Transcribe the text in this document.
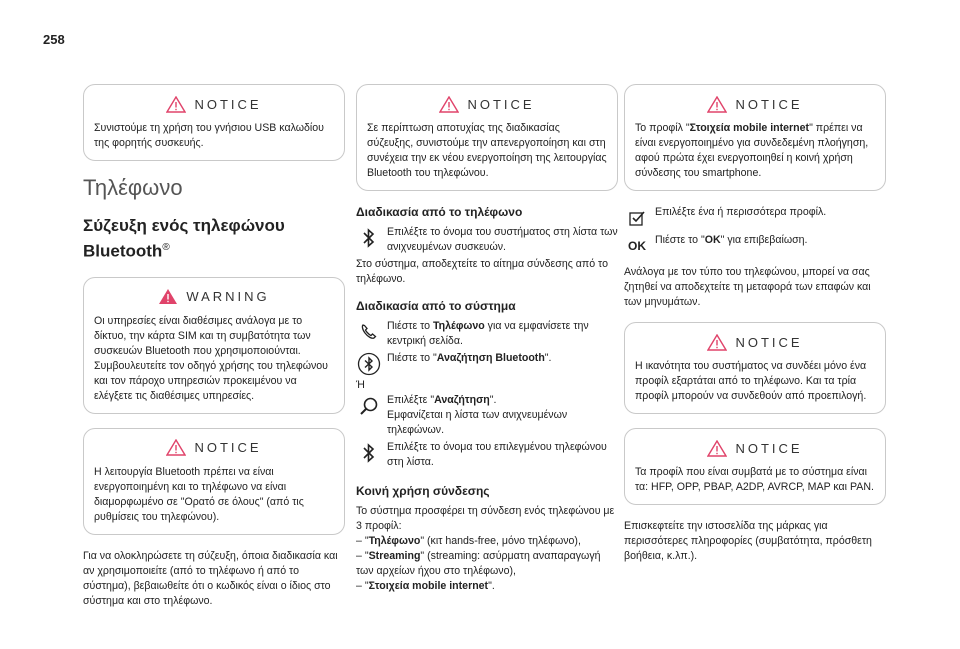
258
NOTICE
Συνιστούμε τη χρήση του γνήσιου USB καλωδίου της φορητής συσκευής.
Τηλέφωνο
Σύζευξη ενός τηλεφώνου Bluetooth®
WARNING
Οι υπηρεσίες είναι διαθέσιμες ανάλογα με το δίκτυο, την κάρτα SIM και τη συμβατότητα των συσκευών Bluetooth που χρησιμοποιούνται. Συμβουλευτείτε τον οδηγό χρήσης του τηλεφώνου και τον πάροχο υπηρεσιών προκειμένου να ελέγξετε τις διαθέσιμες υπηρεσίες.
NOTICE
Η λειτουργία Bluetooth πρέπει να είναι ενεργοποιημένη και το τηλέφωνο να είναι διαμορφωμένο σε "Ορατό σε όλους" (από τις ρυθμίσεις του τηλεφώνου).

Για να ολοκληρώσετε τη σύζευξη, όποια διαδικασία και αν χρησιμοποιείτε (από το τηλέφωνο ή από το σύστημα), βεβαιωθείτε ότι ο κωδικός είναι ο ίδιος στο σύστημα και στο τηλέφωνο.

NOTICE
Σε περίπτωση αποτυχίας της διαδικασίας σύζευξης, συνιστούμε την απενεργοποίηση και στη συνέχεια την εκ νέου ενεργοποίηση της λειτουργίας Bluetooth του τηλεφώνου.
Διαδικασία από το τηλέφωνο
Επιλέξτε το όνομα του συστήματος στη λίστα των ανιχνευμένων συσκευών.

Στο σύστημα, αποδεχτείτε το αίτημα σύνδεσης από το τηλέφωνο.

Διαδικασία από το σύστημα
Πιέστε το Τηλέφωνο για να εμφανίσετε την κεντρική σελίδα.
Πιέστε το "Αναζήτηση Bluetooth".
Ή
Επιλέξτε "Αναζήτηση".
Εμφανίζεται η λίστα των ανιχνευμένων τηλεφώνων.
Επιλέξτε το όνομα του επιλεγμένου τηλεφώνου στη λίστα.
Κοινή χρήση σύνδεσης
Το σύστημα προσφέρει τη σύνδεση ενός τηλεφώνου με 3 προφίλ:
– "Τηλέφωνο" (κιτ hands-free, μόνο τηλέφωνο),
– "Streaming" (streaming: ασύρματη αναπαραγωγή των αρχείων ήχου στο τηλέφωνο),
– "Στοιχεία mobile internet".
NOTICE
Το προφίλ "Στοιχεία mobile internet" πρέπει να είναι ενεργοποιημένο για συνδεδεμένη πλοήγηση, αφού πρώτα έχει ενεργοποιηθεί η κοινή χρήση σύνδεσης του smartphone.
Επιλέξτε ένα ή περισσότερα προφίλ.
OK Πιέστε το "OK" για επιβεβαίωση.

Ανάλογα με τον τύπο του τηλεφώνου, μπορεί να σας ζητηθεί να αποδεχτείτε τη μεταφορά των επαφών και των μηνυμάτων.

NOTICE
Η ικανότητα του συστήματος να συνδέει μόνο ένα προφίλ εξαρτάται από το τηλέφωνο. Και τα τρία προφίλ μπορούν να συνδεθούν από προεπιλογή.
NOTICE
Τα προφίλ που είναι συμβατά με το σύστημα είναι τα: HFP, OPP, PBAP, A2DP, AVRCP, MAP και PAN.

Επισκεφτείτε την ιστοσελίδα της μάρκας για περισσότερες πληροφορίες (συμβατότητα, πρόσθετη βοήθεια, κ.λπ.).
